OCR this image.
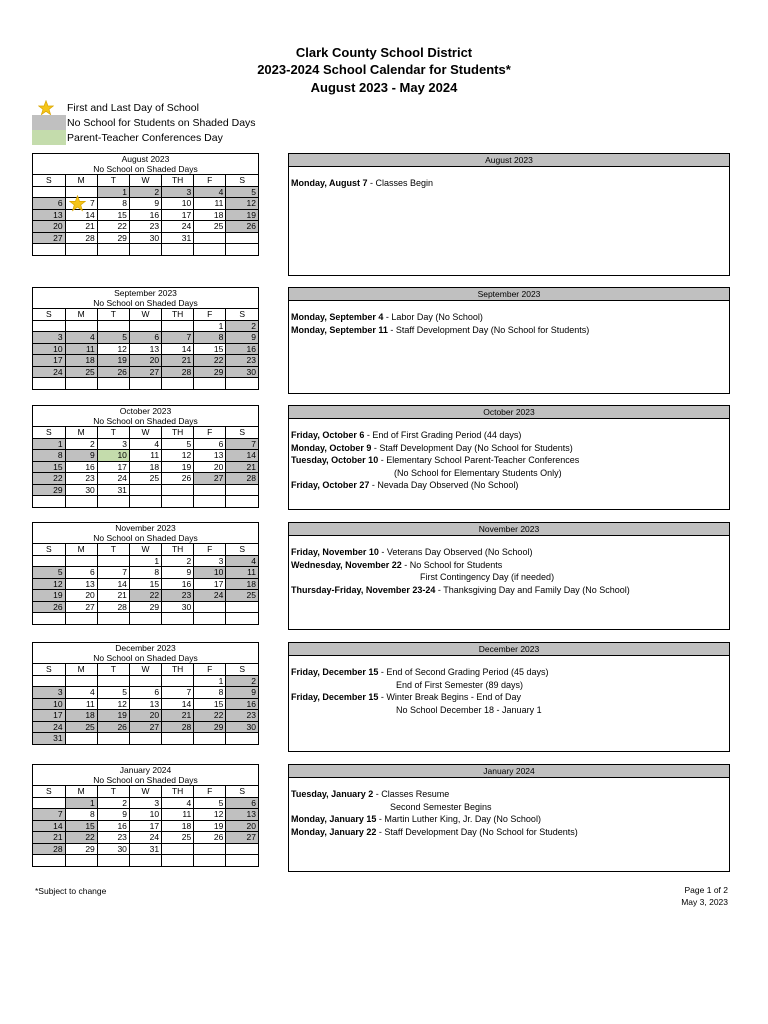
Clark County School District
2023-2024 School Calendar for Students*
August 2023 - May 2024
First and Last Day of School
No School for Students on Shaded Days
Parent-Teacher Conferences Day
August 2023
No School on Shaded Days
S	M	T	W	TH	F	S
		1	2	3	4	5
6	7	8	9	10	11	12
13	14	15	16	17	18	19
20	21	22	23	24	25	26
27	28	29	30	31		

September 2023
No School on Shaded Days
S	M	T	W	TH	F	S
					1	2
3	4	5	6	7	8	9
10	11	12	13	14	15	16
17	18	19	20	21	22	23
24	25	26	27	28	29	30

October 2023
No School on Shaded Days
S	M	T	W	TH	F	S
1	2	3	4	5	6	7
8	9	10	11	12	13	14
15	16	17	18	19	20	21
22	23	24	25	26	27	28
29	30	31				

November 2023
No School on Shaded Days
S	M	T	W	TH	F	S
			1	2	3	4
5	6	7	8	9	10	11
12	13	14	15	16	17	18
19	20	21	22	23	24	25
26	27	28	29	30		

December 2023
No School on Shaded Days
S	M	T	W	TH	F	S
					1	2
3	4	5	6	7	8	9
10	11	12	13	14	15	16
17	18	19	20	21	22	23
24	25	26	27	28	29	30
31						
January 2024
No School on Shaded Days
S	M	T	W	TH	F	S
	1	2	3	4	5	6
7	8	9	10	11	12	13
14	15	16	17	18	19	20
21	22	23	24	25	26	27
28	29	30	31			

August 2023
Monday, August 7 - Classes Begin
September 2023
Monday, September 4 - Labor Day (No School)
Monday, September 11 - Staff Development Day (No School for Students)
October 2023
Friday, October 6 - End of First Grading Period (44 days)
Monday, October 9 - Staff Development Day (No School for Students)
Tuesday, October 10 - Elementary School Parent-Teacher Conferences
(No School for Elementary Students Only)
Friday, October 27 - Nevada Day Observed (No School)
November 2023
Friday, November 10 - Veterans Day Observed (No School)
Wednesday, November 22 - No School for Students
First Contingency Day (if needed)
Thursday-Friday, November 23-24 - Thanksgiving Day and Family Day (No School)
December 2023
Friday, December 15 - End of Second Grading Period (45 days)
End of First Semester (89 days)
Friday, December 15 - Winter Break Begins - End of Day
No School December 18 - January 1
January 2024
Tuesday, January 2 - Classes Resume
Second Semester Begins
Monday, January 15 - Martin Luther King, Jr. Day (No School)
Monday, January 22 - Staff Development Day (No School for Students)
*Subject to change	Page 1 of 2
May 3, 2023
